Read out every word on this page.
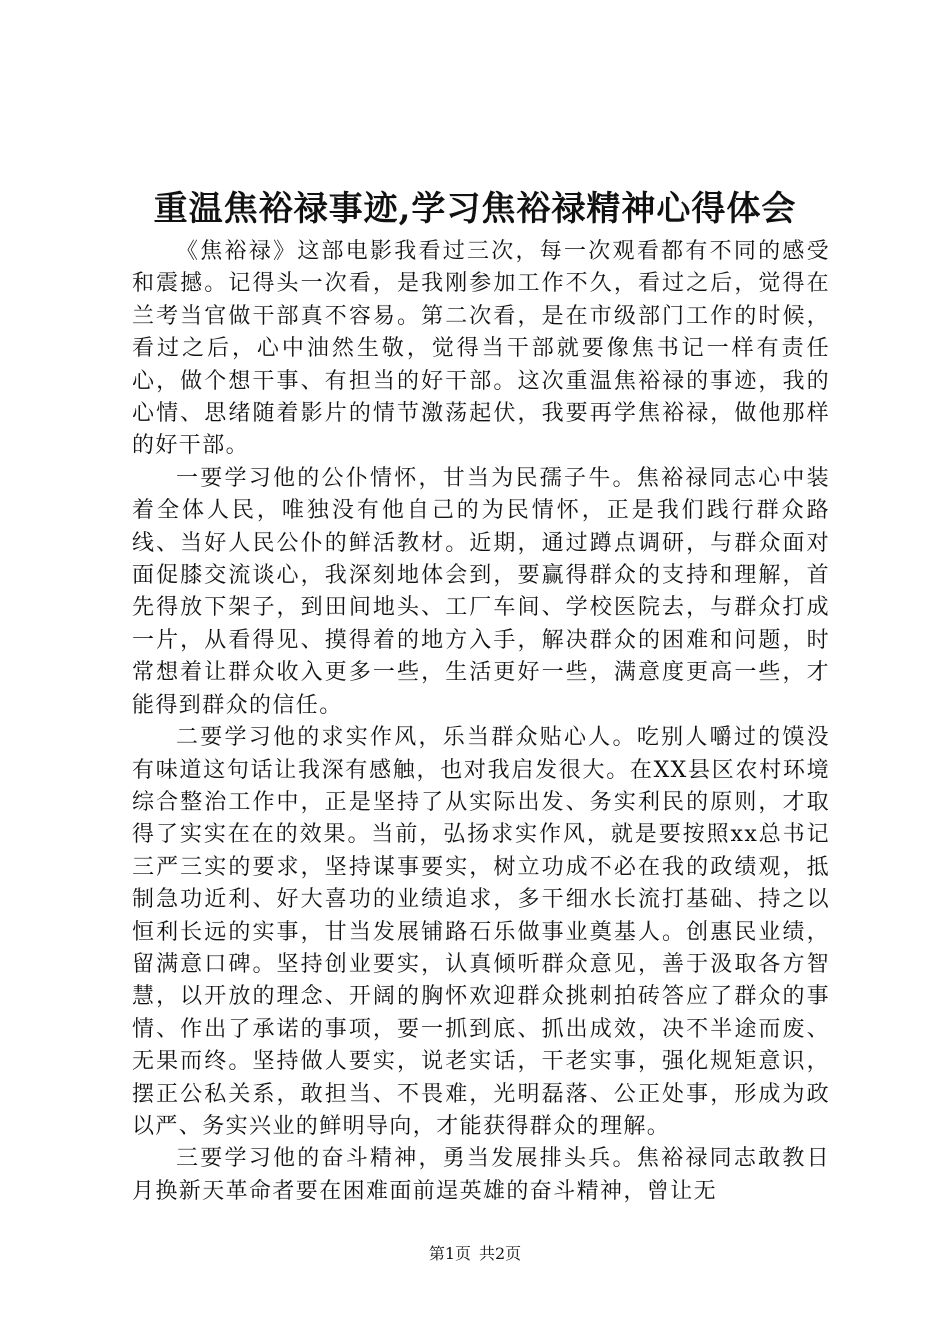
重温焦裕禄事迹,学习焦裕禄精神心得体会

《焦裕禄》这部电影我看过三次，每一次观看都有不同的感受和震撼。记得头一次看，是我刚参加工作不久，看过之后，觉得在兰考当官做干部真不容易。第二次看，是在市级部门工作的时候，看过之后，心中油然生敬，觉得当干部就要像焦书记一样有责任心，做个想干事、有担当的好干部。这次重温焦裕禄的事迹，我的心情、思绪随着影片的情节激荡起伏，我要再学焦裕禄，做他那样的好干部。

一要学习他的公仆情怀，甘当为民孺子牛。焦裕禄同志心中装着全体人民，唯独没有他自己的为民情怀，正是我们践行群众路线、当好人民公仆的鲜活教材。近期，通过蹲点调研，与群众面对面促膝交流谈心，我深刻地体会到，要赢得群众的支持和理解，首先得放下架子，到田间地头、工厂车间、学校医院去，与群众打成一片，从看得见、摸得着的地方入手，解决群众的困难和问题，时常想着让群众收入更多一些，生活更好一些，满意度更高一些，才能得到群众的信任。

二要学习他的求实作风，乐当群众贴心人。吃别人嚼过的馍没有味道这句话让我深有感触，也对我启发很大。在XX县区农村环境综合整治工作中，正是坚持了从实际出发、务实利民的原则，才取得了实实在在的效果。当前，弘扬求实作风，就是要按照xx总书记三严三实的要求，坚持谋事要实，树立功成不必在我的政绩观，抵制急功近利、好大喜功的业绩追求，多干细水长流打基础、持之以恒利长远的实事，甘当发展铺路石乐做事业奠基人。创惠民业绩，留满意口碑。坚持创业要实，认真倾听群众意见，善于汲取各方智慧，以开放的理念、开阔的胸怀欢迎群众挑刺拍砖答应了群众的事情、作出了承诺的事项，要一抓到底、抓出成效，决不半途而废、无果而终。坚持做人要实，说老实话，干老实事，强化规矩意识，摆正公私关系，敢担当、不畏难，光明磊落、公正处事，形成为政以严、务实兴业的鲜明导向，才能获得群众的理解。

三要学习他的奋斗精神，勇当发展排头兵。焦裕禄同志敢教日月换新天革命者要在困难面前逞英雄的奋斗精神，曾让无

第1页 共2页
